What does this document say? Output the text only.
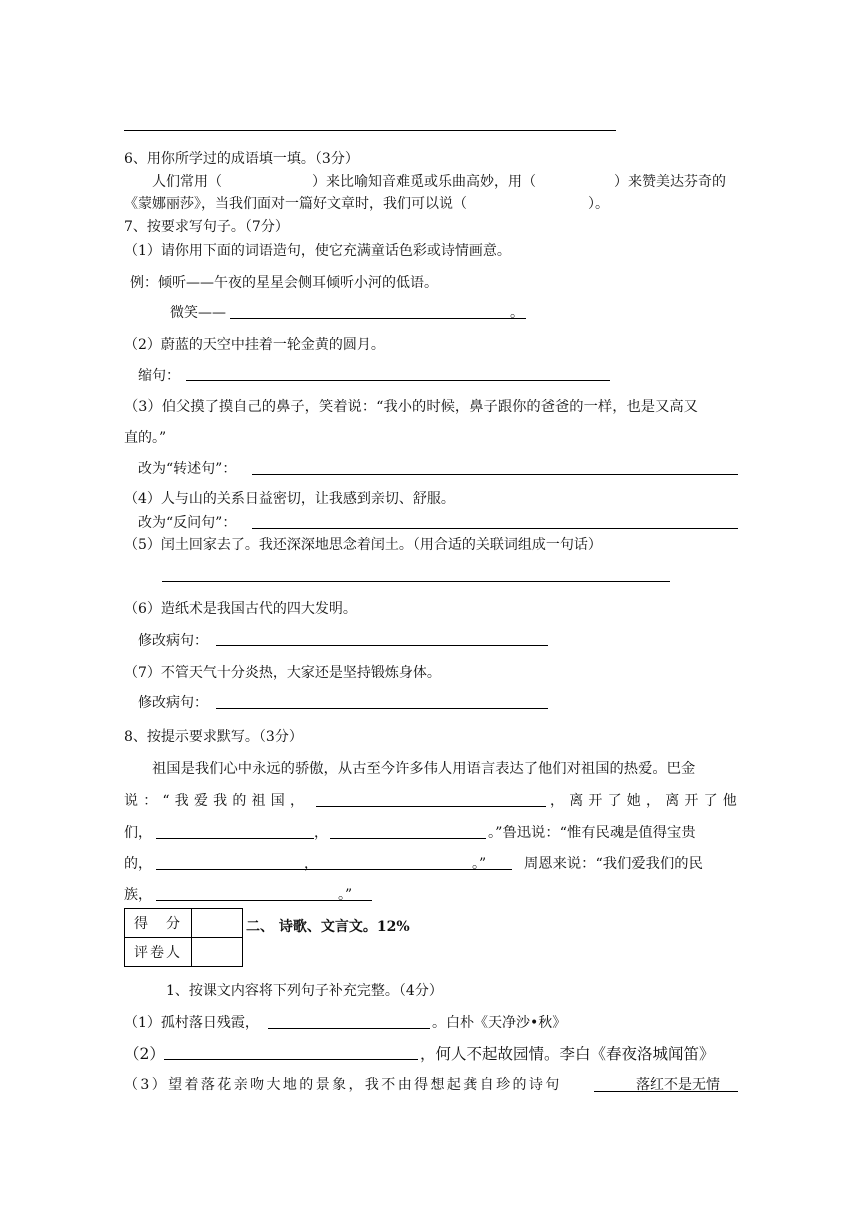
6、用你所学过的成语填一填。（3分）
人们常用（	）来比喻知音难觅或乐曲高妙，用（	）来赞美达芬奇的
《蒙娜丽莎》，当我们面对一篇好文章时，我们可以说（	）。
7、按要求写句子。（7分）
（1）请你用下面的词语造句，使它充满童话色彩或诗情画意。
例：倾听——午夜的星星会侧耳倾听小河的低语。
微笑——	。
（2）蔚蓝的天空中挂着一轮金黄的圆月。
缩句：
（3）伯父摸了摸自己的鼻子，笑着说：“我小的时候，鼻子跟你的爸爸的一样，也是又高又
直的。”
改为“转述句”：
（4）人与山的关系日益密切，让我感到亲切、舒服。
改为“反问句”：
（5）闰土回家去了。我还深深地思念着闰土。（用合适的关联词组成一句话）
（6）造纸术是我国古代的四大发明。
修改病句：
（7）不管天气十分炎热，大家还是坚持锻炼身体。
修改病句：
8、按提示要求默写。（3分）
祖国是我们心中永远的骄傲，从古至今许多伟人用语言表达了他们对祖国的热爱。巴金
说：“我爱我的祖国，	，离开了她，离开了他
们，	，	。”鲁迅说：“惟有民魂是值得宝贵
的，	，	。”	周恩来说：“我们爱我们的民
族，	。”
得　分	
评卷人	
二、 诗歌、文言文。12%
1、按课文内容将下列句子补充完整。（4分）
（1）孤村落日残霞，	。白朴《天净沙•秋》
（2）	，何人不起故园情。李白《春夜洛城闻笛》
（3）望着落花亲吻大地的景象，我不由得想起龚自珍的诗句	落红不是无情
